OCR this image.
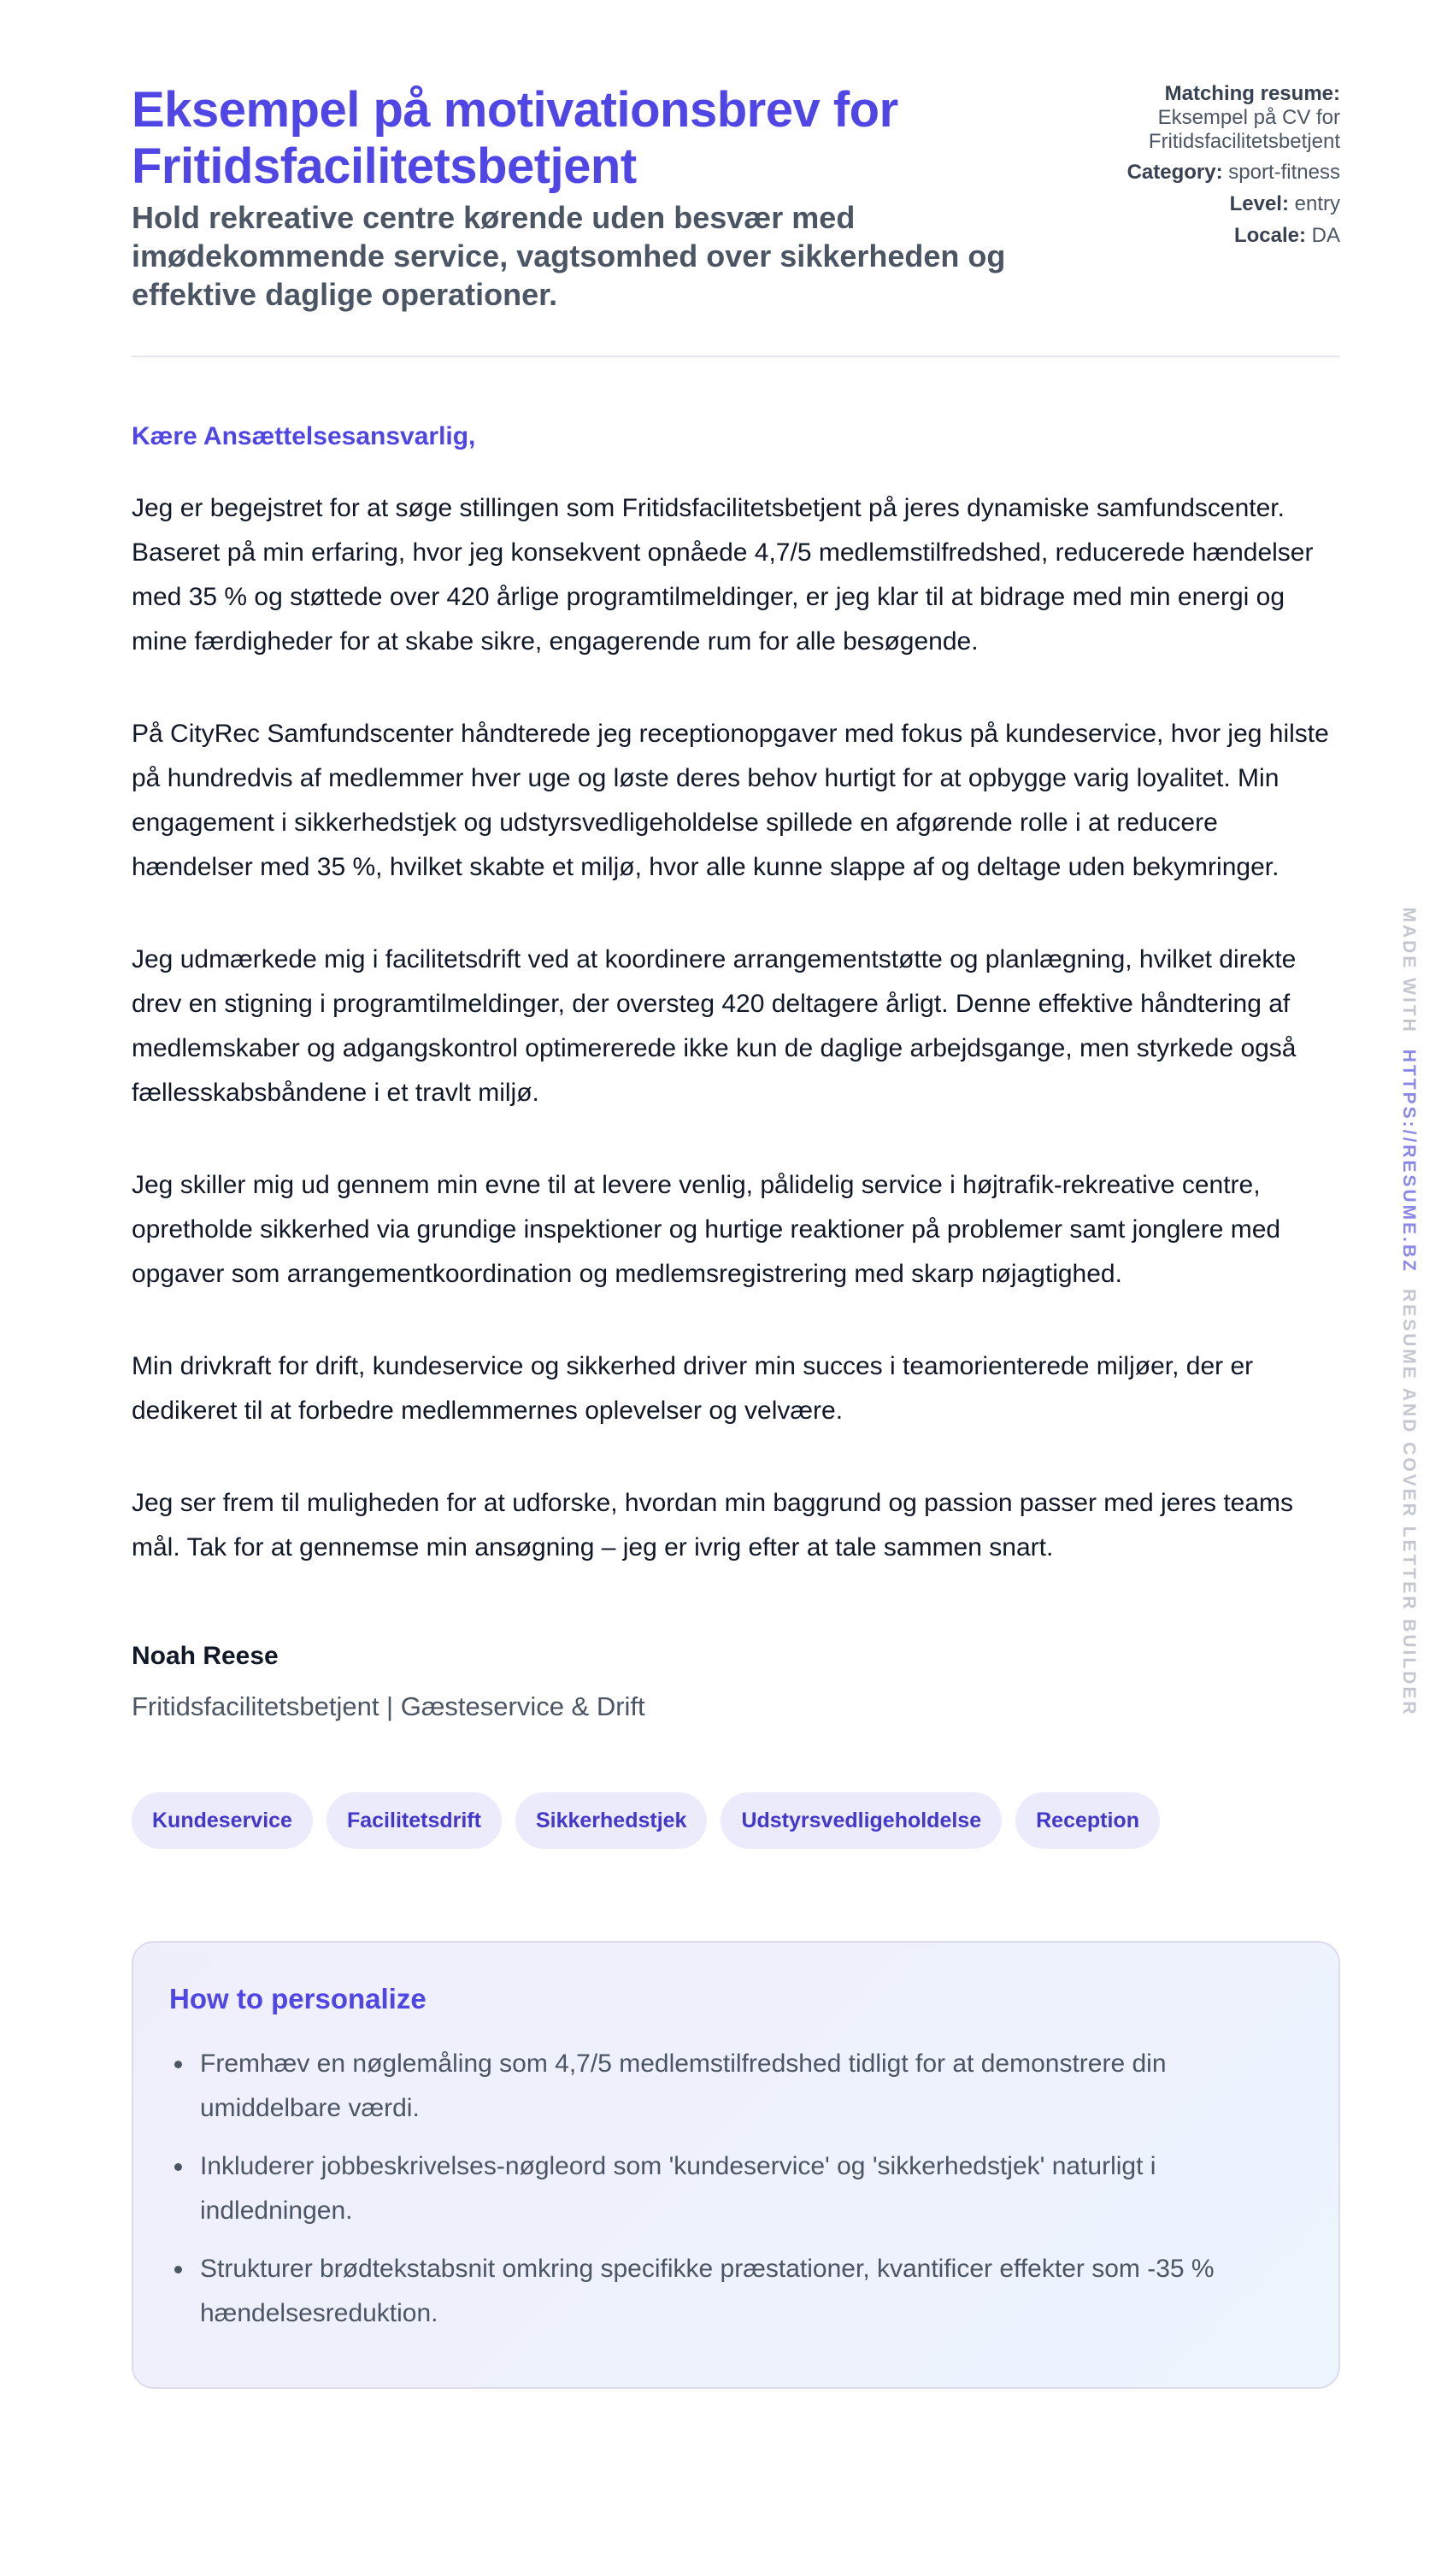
Eksempel på motivationsbrev for Fritidsfacilitetsbetjent
Hold rekreative centre kørende uden besvær med imødekommende service, vagtsomhed over sikkerheden og effektive daglige operationer.
Matching resume:
Eksempel på CV for
Fritidsfacilitetsbetjent
Category: sport-fitness
Level: entry
Locale: DA
Kære Ansættelsesansvarlig,

Jeg er begejstret for at søge stillingen som Fritidsfacilitetsbetjent på jeres dynamiske samfundscenter. Baseret på min erfaring, hvor jeg konsekvent opnåede 4,7/5 medlemstilfredshed, reducerede hændelser med 35 % og støttede over 420 årlige programtilmeldinger, er jeg klar til at bidrage med min energi og mine færdigheder for at skabe sikre, engagerende rum for alle besøgende.

På CityRec Samfundscenter håndterede jeg receptionopgaver med fokus på kundeservice, hvor jeg hilste på hundredvis af medlemmer hver uge og løste deres behov hurtigt for at opbygge varig loyalitet. Min engagement i sikkerhedstjek og udstyrsvedligeholdelse spillede en afgørende rolle i at reducere hændelser med 35 %, hvilket skabte et miljø, hvor alle kunne slappe af og deltage uden bekymringer.

Jeg udmærkede mig i facilitetsdrift ved at koordinere arrangementstøtte og planlægning, hvilket direkte drev en stigning i programtilmeldinger, der oversteg 420 deltagere årligt. Denne effektive håndtering af medlemskaber og adgangskontrol optimererede ikke kun de daglige arbejdsgange, men styrkede også fællesskabsbåndene i et travlt miljø.

Jeg skiller mig ud gennem min evne til at levere venlig, pålidelig service i højtrafik-rekreative centre, opretholde sikkerhed via grundige inspektioner og hurtige reaktioner på problemer samt jonglere med opgaver som arrangementkoordination og medlemsregistrering med skarp nøjagtighed.

Min drivkraft for drift, kundeservice og sikkerhed driver min succes i teamorienterede miljøer, der er dedikeret til at forbedre medlemmernes oplevelser og velvære.

Jeg ser frem til muligheden for at udforske, hvordan min baggrund og passion passer med jeres teams mål. Tak for at gennemse min ansøgning – jeg er ivrig efter at tale sammen snart.

Noah Reese
Fritidsfacilitetsbetjent | Gæsteservice & Drift
Kundeservice	Facilitetsdrift	Sikkerhedstjek	Udstyrsvedligeholdelse	Reception
How to personalize
Fremhæv en nøglemåling som 4,7/5 medlemstilfredshed tidligt for at demonstrere din umiddelbare værdi.
Inkluderer jobbeskrivelses-nøgleord som 'kundeservice' og 'sikkerhedstjek' naturligt i indledningen.
Strukturer brødtekstabsnit omkring specifikke præstationer, kvantificer effekter som -35 % hændelsesreduktion.
MADE WITHHTTPS://RESUME.BZRESUME AND COVER LETTER BUILDER
